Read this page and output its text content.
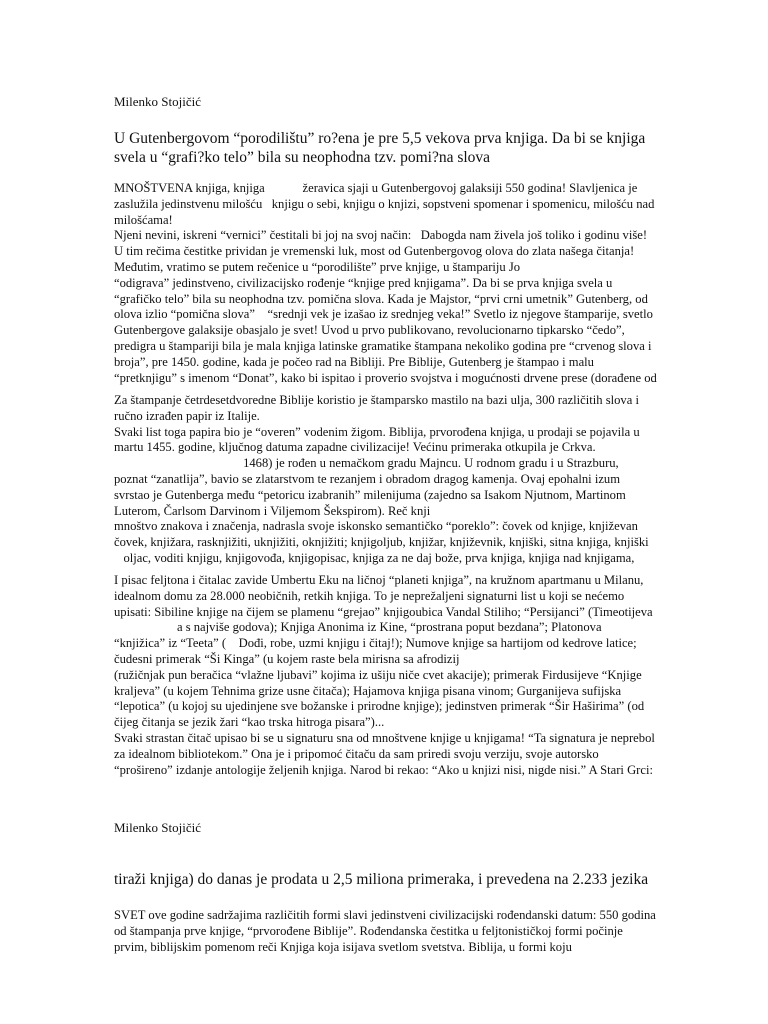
Milenko Stojičić
U Gutenbergovom “porodilištu” ro?ena je pre 5,5 vekova prva knjiga. Da bi se knjiga
svela u “grafi?ko telo” bila su neophodna tzv. pomi?na slova
MNOŠTVENA knjiga, knjiga            žeravica sjaji u Gutenbergovoj galaksiji 550 godina! Slavljenica je
zaslužila jedinstvenu milošću   knjigu o sebi, knjigu o knjizi, sopstveni spomenar i spomenicu, milošću nad
milošćama!
Njeni nevini, iskreni “vernici” čestitali bi joj na svoj način:   Dabogda nam živela još toliko i godinu više!
U tim rečima čestitke prividan je vremenski luk, most od Gutenbergovog olova do zlata našega čitanja!
Međutim, vratimo se putem rečenice u “porodilište” prve knjige, u štampariju Jo
“odigrava” jedinstveno, civilizacijsko rođenje “knjige pred knjigama”. Da bi se prva knjiga svela u
“grafičko telo” bila su neophodna tzv. pomična slova. Kada je Majstor, “prvi crni umetnik” Gutenberg, od
olova izlio “pomična slova”    “srednji vek je izašao iz srednjeg veka!” Svetlo iz njegove štamparije, svetlo
Gutenbergove galaksije obasjalo je svet! Uvod u prvo publikovano, revolucionarno tipkarsko “čedo”,
predigra u štampariji bila je mala knjiga latinske gramatike štampana nekoliko godina pre “crvenog slova i
broja”, pre 1450. godine, kada je počeo rad na Bibliji. Pre Biblije, Gutenberg je štampao i malu
“pretknjigu” s imenom “Donat”, kako bi ispitao i proverio svojstva i mogućnosti drvene prese (dorađene od
Za štampanje četrdesetdvoredne Biblije koristio je štamparsko mastilo na bazi ulja, 300 različitih slova i
ručno izrađen papir iz Italije.
Svaki list toga papira bio je “overen” vodenim žigom. Biblija, prvorođena knjiga, u prodaji se pojavila u
martu 1455. godine, ključnog datuma zapadne civilizacije! Većinu primeraka otkupila je Crkva.
1468) je rođen u nemačkom gradu Majncu. U rodnom gradu i u Strazburu,
poznat “zanatlija”, bavio se zlatarstvom te rezanjem i obradom dragog kamenja. Ovaj epohalni izum
svrstao je Gutenberga među “petoricu izabranih” milenijuma (zajedno sa Isakom Njutnom, Martinom
Luterom, Čarlsom Darvinom i Viljemom Šekspirom). Reč knji
mnoštvo znakova i značenja, nadrasla svoje iskonsko semantičko “poreklo”: čovek od knjige, književan
čovek, knjižara, rasknjižiti, uknjižiti, oknjižiti; knjigoljub, knjižar, književnik, knjiški, sitna knjiga, knjiški
oljac, voditi knjigu, knjigovođa, knjigopisac, knjiga za ne daj bože, prva knjiga, knjiga nad knjigama,
I pisac feljtona i čitalac zavide Umbertu Eku na ličnoj “planeti knjiga”, na kružnom apartmanu u Milanu,
idealnom domu za 28.000 neobičnih, retkih knjiga. To je neprežaljeni signaturni list u koji se nećemo
upisati: Sibiline knjige na čijem se plamenu “grejao” knjigoubica Vandal Stiliho; “Persijanci” (Timeotijeva
a s najviše godova); Knjiga Anonima iz Kine, “prostrana poput bezdana”; Platonova
“knjižica” iz “Teeta” (    Dođi, robe, uzmi knjigu i čitaj!); Numove knjige sa hartijom od kedrove latice;
čudesni primerak “Ši Kinga” (u kojem raste bela mirisna sa afrodizij
(ružičnjak pun beračica “vlažne ljubavi” kojima iz ušiju niče cvet akacije); primerak Firdusijeve “Knjige
kraljeva” (u kojem Tehnima grize usne čitača); Hajamova knjiga pisana vinom; Gurganijeva sufijska
“lepotica” (u kojoj su ujedinjene sve božanske i prirodne knjige); jedinstven primerak “Šir Haširima” (od
čijeg čitanja se jezik žari “kao trska hitroga pisara”)...
Svaki strastan čitač upisao bi se u signaturu sna od mnoštvene knjige u knjigama! “Ta signatura je neprebol
za idealnom bibliotekom.” Ona je i pripomoć čitaču da sam priredi svoju verziju, svoje autorsko
“prošireno” izdanje antologije željenih knjiga. Narod bi rekao: “Ako u knjizi nisi, nigde nisi.” A Stari Grci:
Milenko Stojičić
tiraži knjiga) do danas je prodata u 2,5 miliona primeraka, i prevedena na 2.233 jezika
SVET ove godine sadržajima različitih formi slavi jedinstveni civilizacijski rođendanski datum: 550 godina
od štampanja prve knjige, “prvorođene Biblije”. Rođendanska čestitka u feljtonističkoj formi počinje
prvim, biblijskim pomenom reči Knjiga koja isijava svetlom svetstva. Biblija, u formi koju
